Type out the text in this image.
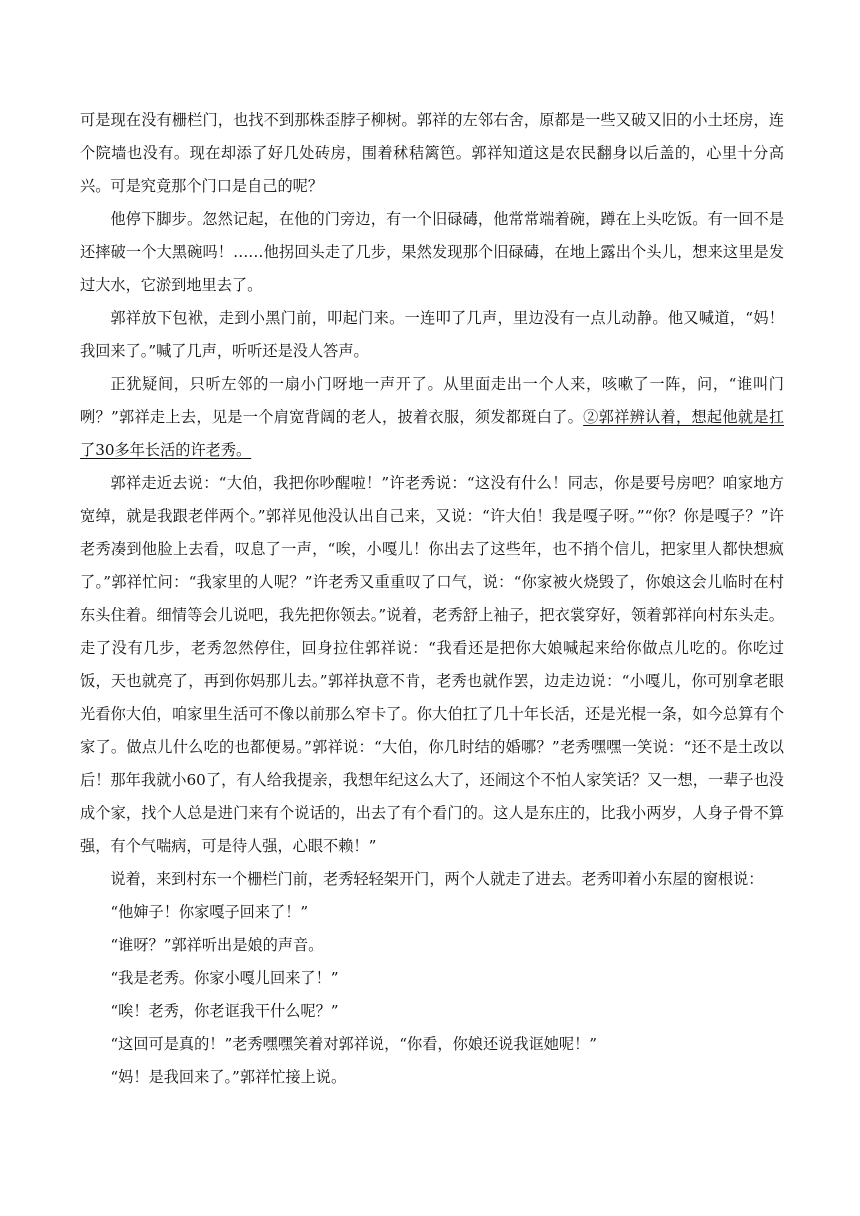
可是现在没有栅栏门，也找不到那株歪脖子柳树。郭祥的左邻右舍，原都是一些又破又旧的小土坯房，连个院墙也没有。现在却添了好几处砖房，围着秫秸篱笆。郭祥知道这是农民翻身以后盖的，心里十分高兴。可是究竟那个门口是自己的呢？

他停下脚步。忽然记起，在他的门旁边，有一个旧碌碡，他常常端着碗，蹲在上头吃饭。有一回不是还摔破一个大黑碗吗！……他拐回头走了几步，果然发现那个旧碌碡，在地上露出个头儿，想来这里是发过大水，它淤到地里去了。

郭祥放下包袱，走到小黑门前，叩起门来。一连叩了几声，里边没有一点儿动静。他又喊道，“妈！我回来了。”喊了几声，听听还是没人答声。

正犹疑间，只听左邻的一扇小门呀地一声开了。从里面走出一个人来，咳嗽了一阵，问，“谁叫门咧？”郭祥走上去，见是一个肩宽背阔的老人，披着衣服，须发都斑白了。②郭祥辨认着，想起他就是扛了30多年长活的许老秀。

郭祥走近去说：“大伯，我把你吵醒啦！”许老秀说：“这没有什么！同志，你是要号房吧？咱家地方宽绰，就是我跟老伴两个。”郭祥见他没认出自己来，又说：“许大伯！我是嘎子呀。”“你？你是嘎子？”许老秀凑到他脸上去看，叹息了一声，“唉，小嘎儿！你出去了这些年，也不捎个信儿，把家里人都快想疯了。”郭祥忙问：“我家里的人呢？”许老秀又重重叹了口气，说：“你家被火烧毁了，你娘这会儿临时在村东头住着。细情等会儿说吧，我先把你领去。”说着，老秀舒上袖子，把衣裳穿好，领着郭祥向村东头走。走了没有几步，老秀忽然停住，回身拉住郭祥说：“我看还是把你大娘喊起来给你做点儿吃的。你吃过饭，天也就亮了，再到你妈那儿去。”郭祥执意不肯，老秀也就作罢，边走边说：“小嘎儿，你可别拿老眼光看你大伯，咱家里生活可不像以前那么窄卡了。你大伯扛了几十年长活，还是光棍一条，如今总算有个家了。做点儿什么吃的也都便易。”郭祥说：“大伯，你几时结的婚哪？”老秀嘿嘿一笑说：“还不是土改以后！那年我就小60了，有人给我提亲，我想年纪这么大了，还闹这个不怕人家笑话？又一想，一辈子也没成个家，找个人总是进门来有个说话的，出去了有个看门的。这人是东庄的，比我小两岁，人身子骨不算强，有个气喘病，可是待人强，心眼不赖！”

说着，来到村东一个栅栏门前，老秀轻轻架开门，两个人就走了进去。老秀叩着小东屋的窗根说：

“他婶子！你家嘎子回来了！”

“谁呀？”郭祥听出是娘的声音。

“我是老秀。你家小嘎儿回来了！”

“唉！老秀，你老诓我干什么呢？”

“这回可是真的！”老秀嘿嘿笑着对郭祥说，“你看，你娘还说我诓她呢！”

“妈！是我回来了。”郭祥忙接上说。
